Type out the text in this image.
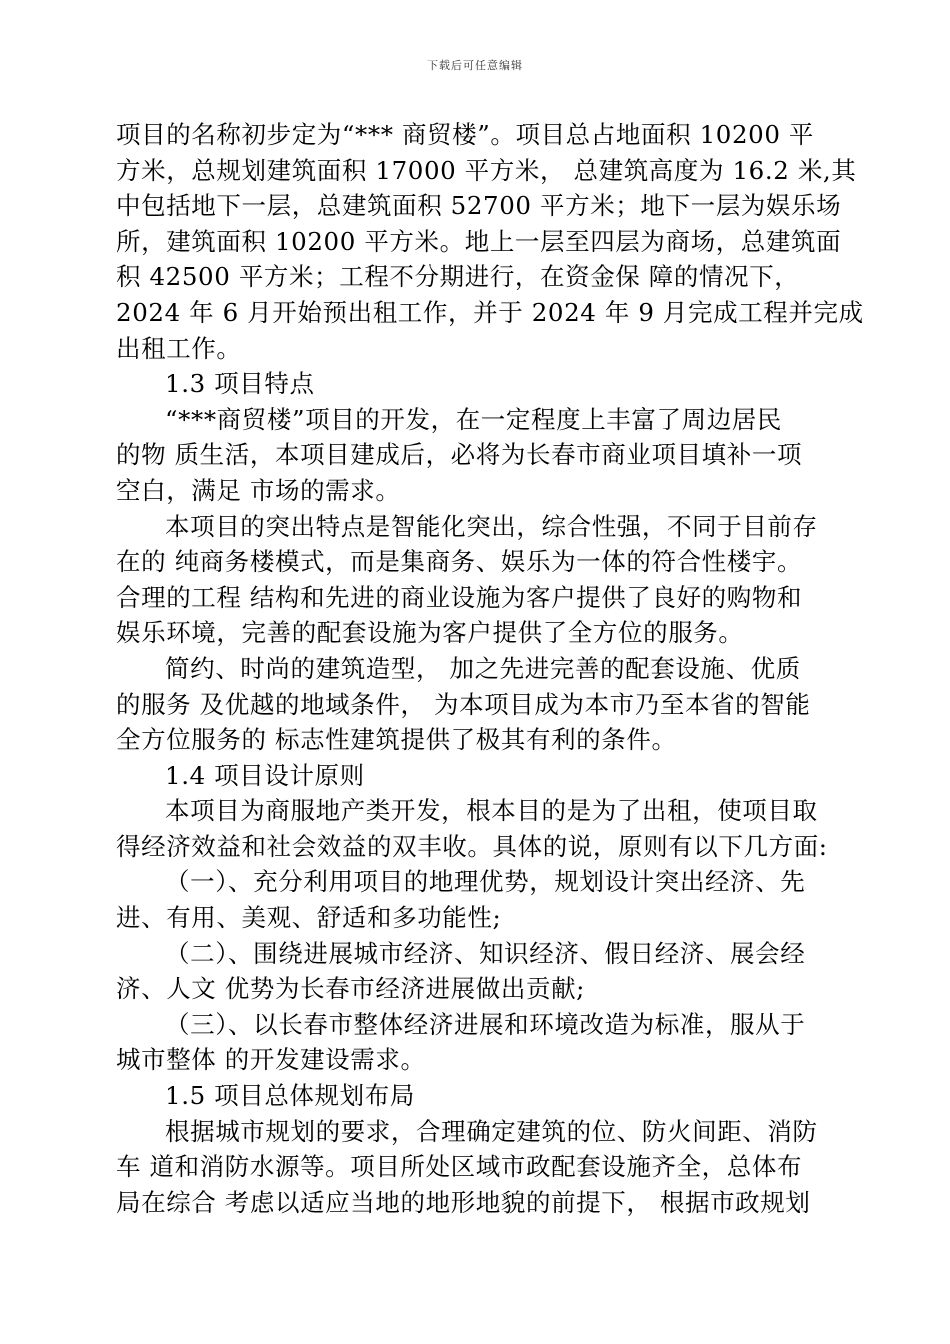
下载后可任意编辑
项目的名称初步定为“*** 商贸楼”。项目总占地面积 10200 平
方米，总规划建筑面积 17000 平方米， 总建筑高度为 16.2 米,其
中包括地下一层，总建筑面积 52700 平方米；地下一层为娱乐场
所，建筑面积 10200 平方米。地上一层至四层为商场，总建筑面
积 42500 平方米；工程不分期进行，在资金保 障的情况下，
2024 年 6 月开始预出租工作，并于 2024 年 9 月完成工程并完成
出租工作。
1.3 项目特点
“***商贸楼”项目的开发，在一定程度上丰富了周边居民
的物 质生活，本项目建成后，必将为长春市商业项目填补一项
空白，满足 市场的需求。
本项目的突出特点是智能化突出，综合性强，不同于目前存
在的 纯商务楼模式，而是集商务、娱乐为一体的符合性楼宇。
合理的工程 结构和先进的商业设施为客户提供了良好的购物和
娱乐环境，完善的配套设施为客户提供了全方位的服务。
简约、时尚的建筑造型， 加之先进完善的配套设施、优质
的服务 及优越的地域条件， 为本项目成为本市乃至本省的智能
全方位服务的 标志性建筑提供了极其有利的条件。
1.4 项目设计原则
本项目为商服地产类开发，根本目的是为了出租，使项目取
得经济效益和社会效益的双丰收。具体的说，原则有以下几方面:
（一）、充分利用项目的地理优势，规划设计突出经济、先
进、有用、美观、舒适和多功能性;
（二）、围绕进展城市经济、知识经济、假日经济、展会经
济、人文 优势为长春市经济进展做出贡献;
（三）、以长春市整体经济进展和环境改造为标准，服从于
城市整体 的开发建设需求。
1.5 项目总体规划布局
根据城市规划的要求，合理确定建筑的位、防火间距、消防
车 道和消防水源等。项目所处区域市政配套设施齐全，总体布
局在综合 考虑以适应当地的地形地貌的前提下， 根据市政规划
